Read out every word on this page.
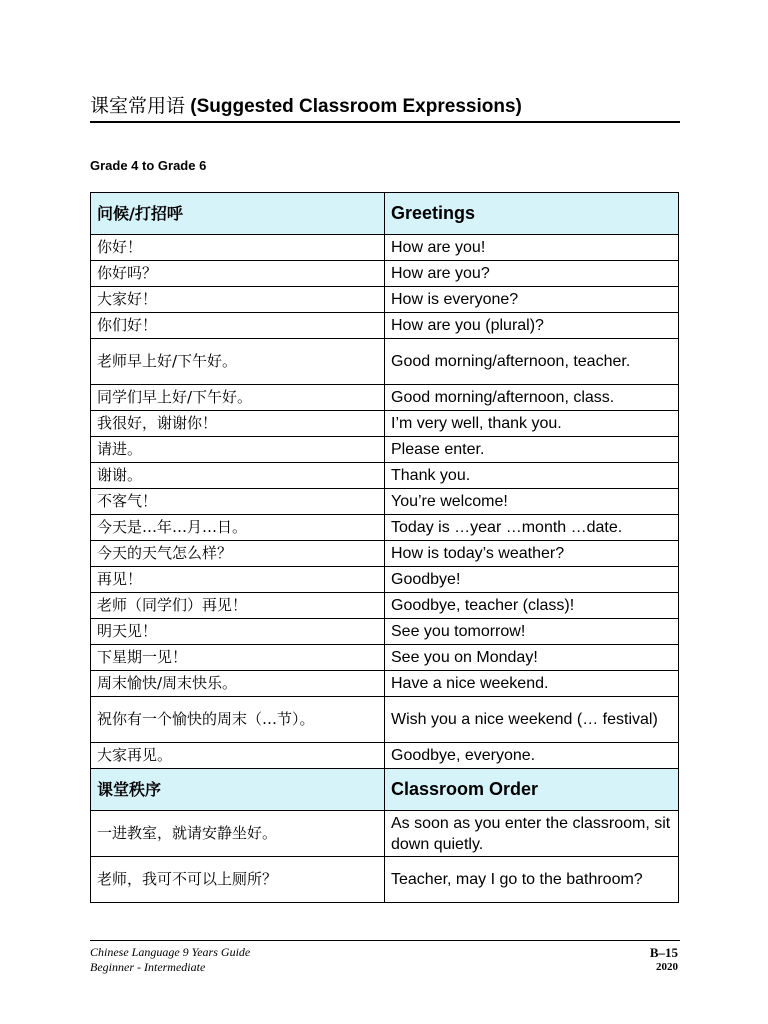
课室常用语 (Suggested Classroom Expressions)
Grade 4 to Grade 6
问候/打招呼	Greetings
你好！	How are you!
你好吗？	How are you?
大家好！	How is everyone?
你们好！	How are you (plural)?
老师早上好/下午好。	Good morning/afternoon, teacher.
同学们早上好/下午好。	Good morning/afternoon, class.
我很好，谢谢你！	I’m very well, thank you.
请进。	Please enter.
谢谢。	Thank you.
不客气！	You’re welcome!
今天是…年…月…日。	Today is …year …month …date.
今天的天气怎么样？	How is today’s weather?
再见！	Goodbye!
老师（同学们）再见！	Goodbye, teacher (class)!
明天见！	See you tomorrow!
下星期一见！	See you on Monday!
周末愉快/周末快乐。	Have a nice weekend.
祝你有一个愉快的周末（…节）。	Wish you a nice weekend (… festival)
大家再见。	Goodbye, everyone.
课堂秩序	Classroom Order
一进教室，就请安静坐好。	As soon as you enter the classroom, sit down quietly.
老师，我可不可以上厕所？	Teacher, may I go to the bathroom?
Chinese Language 9 Years Guide
Beginner - Intermediate
B–15
2020
